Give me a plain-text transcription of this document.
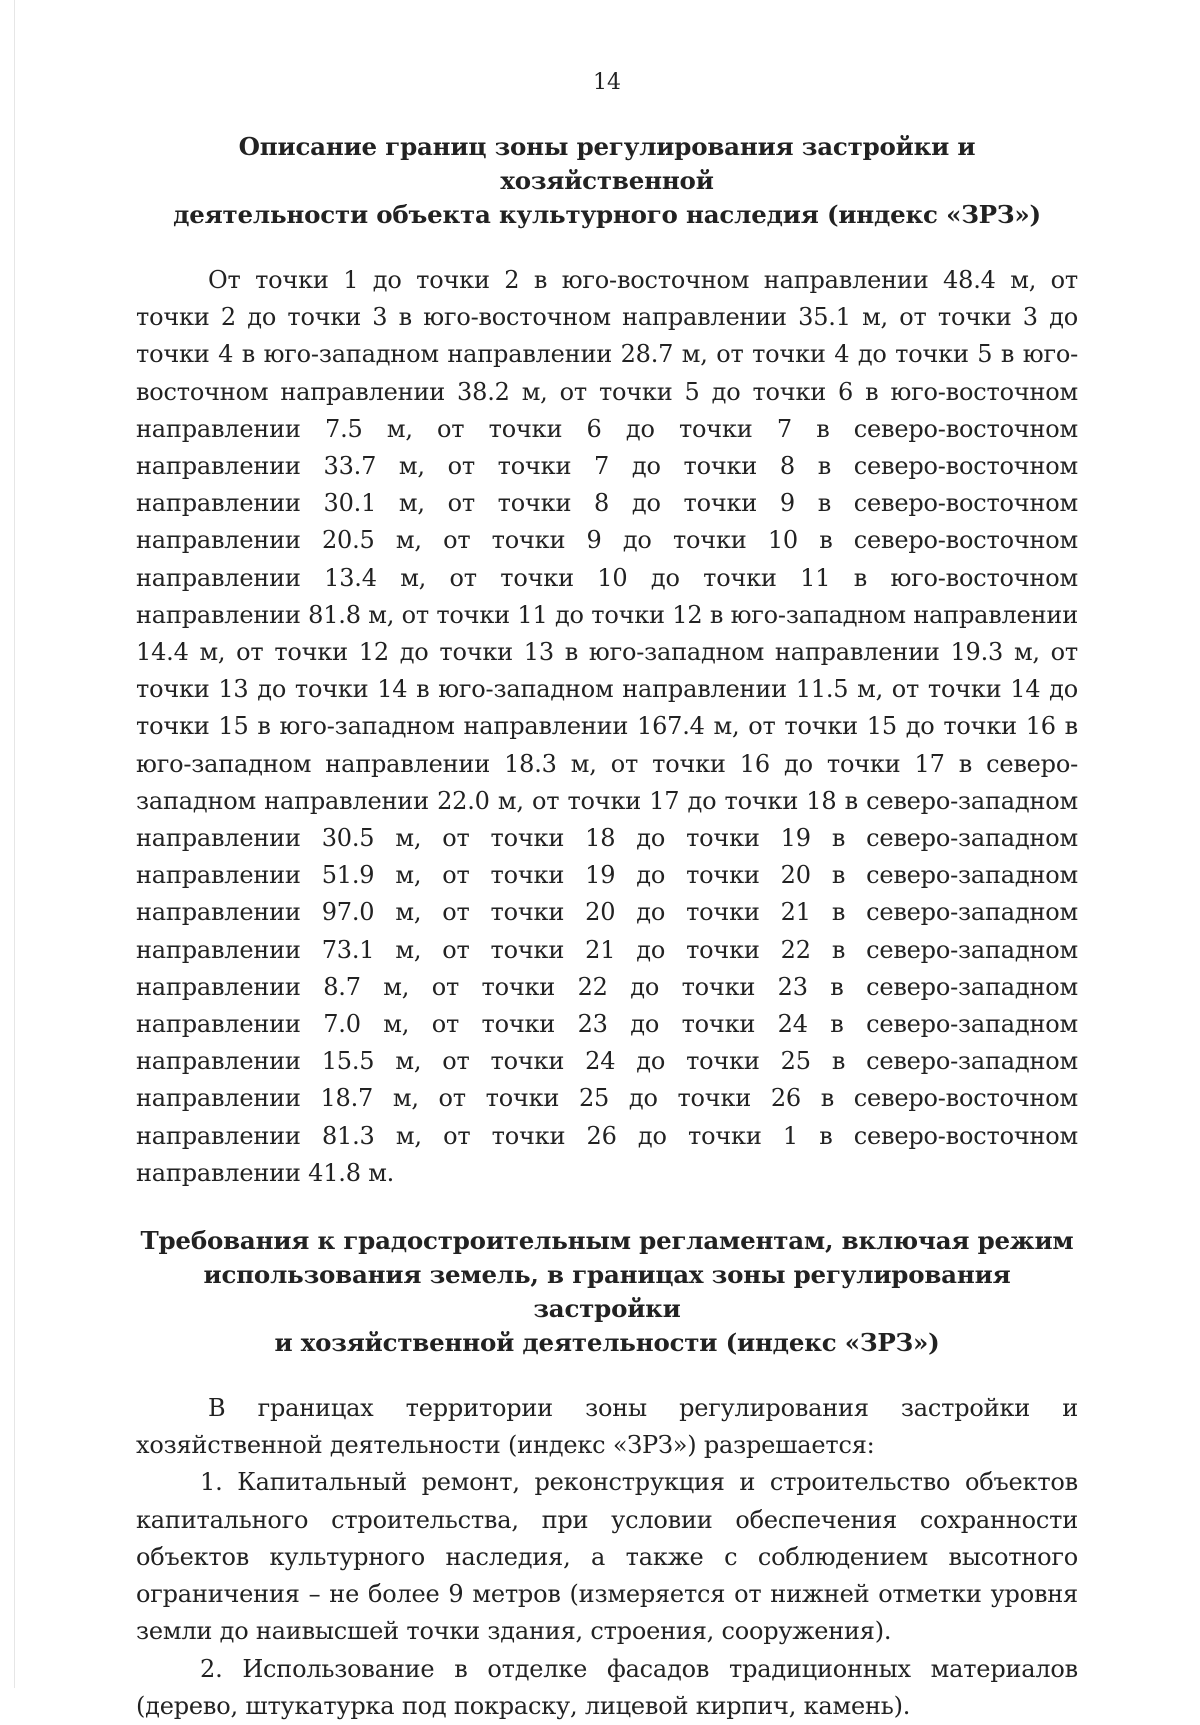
14
Описание границ зоны регулирования застройки и хозяйственной
деятельности объекта культурного наследия (индекс «ЗРЗ»)

От точки 1 до точки 2 в юго-восточном направлении 48.4 м, от точки 2 до точки 3 в юго-восточном направлении 35.1 м, от точки 3 до точки 4 в юго-западном направлении 28.7 м, от точки 4 до точки 5 в юго-восточном направлении 38.2 м, от точки 5 до точки 6 в юго-восточном направлении 7.5 м, от точки 6 до точки 7 в северо-восточном направлении 33.7 м, от точки 7 до точки 8 в северо-восточном направлении 30.1 м, от точки 8 до точки 9 в северо-восточном направлении 20.5 м, от точки 9 до точки 10 в северо-восточном направлении 13.4 м, от точки 10 до точки 11 в юго-восточном направлении 81.8 м, от точки 11 до точки 12 в юго-западном направлении 14.4 м, от точки 12 до точки 13 в юго-западном направлении 19.3 м, от точки 13 до точки 14 в юго-западном направлении 11.5 м, от точки 14 до точки 15 в юго-западном направлении 167.4 м, от точки 15 до точки 16 в юго-западном направлении 18.3 м, от точки 16 до точки 17 в северо-западном направлении 22.0 м, от точки 17 до точки 18 в северо-западном направлении 30.5 м, от точки 18 до точки 19 в северо-западном направлении 51.9 м, от точки 19 до точки 20 в северо-западном направлении 97.0 м, от точки 20 до точки 21 в северо-западном направлении 73.1 м, от точки 21 до точки 22 в северо-западном направлении 8.7 м, от точки 22 до точки 23 в северо-западном направлении 7.0 м, от точки 23 до точки 24 в северо-западном направлении 15.5 м, от точки 24 до точки 25 в северо-западном направлении 18.7 м, от точки 25 до точки 26 в северо-восточном направлении 81.3 м, от точки 26 до точки 1 в северо-восточном направлении 41.8 м.

Требования к градостроительным регламентам, включая режим
использования земель, в границах зоны регулирования застройки
и хозяйственной деятельности (индекс «ЗРЗ»)

В границах территории зоны регулирования застройки и хозяйственной деятельности (индекс «ЗРЗ») разрешается:

1. Капитальный ремонт, реконструкция и строительство объектов капитального строительства, при условии обеспечения сохранности объектов культурного наследия, а также с соблюдением высотного ограничения – не более 9 метров (измеряется от нижней отметки уровня земли до наивысшей точки здания, строения, сооружения).

2. Использование в отделке фасадов традиционных материалов (дерево, штукатурка под покраску, лицевой кирпич, камень).
